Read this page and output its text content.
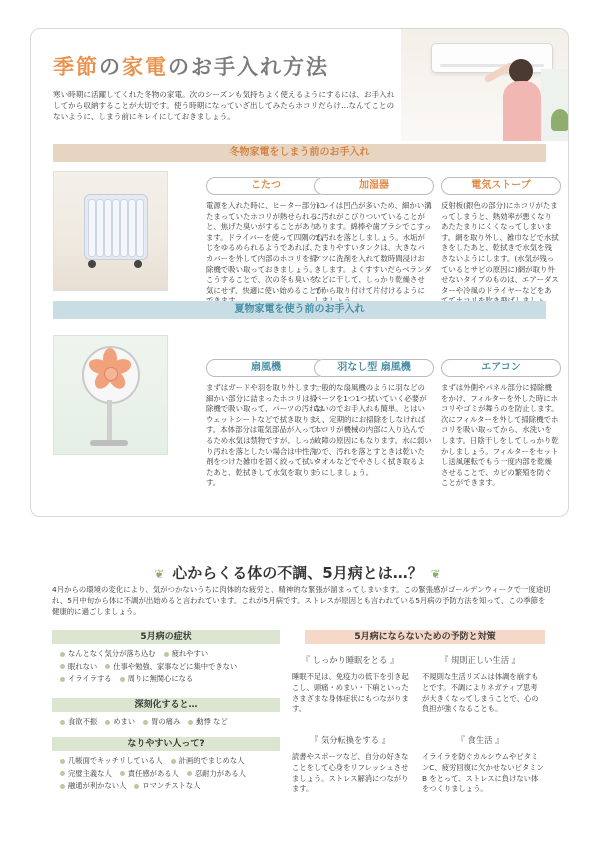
季節の家電のお手入れ方法
寒い時期に活躍してくれた冬物の家電。次のシーズンも気持ちよく使えるようにするには、お手入れしてから収納することが大切です。使う時期になっていざ出してみたらホコリだらけ…なんてことのないように、しまう前にキレイにしておきましょう。
冬物家電をしまう前のお手入れ
こたつ
電源を入れた時に、ヒーター部分にたまっていたホコリが熱せられると、焦げた臭いがすることがあります。ドライバーを使って四隅のねじをゆるめられるようであれば、カバーを外して内部のホコリを掃除機で吸い取っておきましょう。こうすることで、次の冬も臭いを気にせず、快適に使い始めることが
加湿器
トレイは凹凸が多いため、細かい溝に汚れがこびりついていることがあります。綿棒や歯ブラシでこすって汚れを落としましょう。水垢がたまりやすいタンクは、大きなバケツに洗剤を入れて数時間浸けおきします。よくすすいだらベランダなどに干して、しっかり乾燥させてから取り付けて片付けるように
電気ストーブ
反射板(銀色の部分)にホコリがたまってしまうと、熱効率が悪くなりあたたまりにくくなってしまいます。網を取り外し、雑巾などで水拭きをしたあと、乾拭きで水気を残さないようにします。(水気が残っているとサビの原因に)網が取り外せないタイプのものは、エアーダスターや冷風のドライヤーなどをあ
夏物家電を使う前のお手入れ
扇風機
まずはガードや羽を取り外します。細かい部分に詰まったホコリは掃除機で吸い取って、パーツの汚れはウェットシートなどで拭き取ります。本体部分は電気部品が入っているため水気は禁物ですが、しっかり汚れを落としたい場合は中性洗剤をつけた雑巾を固く絞って拭いたあと、乾拭きして水気を取ります。
羽なし型 扇風機
一般的な扇風機のように羽などのパーツを1つ1つ拭いていく必要がないのでお手入れも簡単。とはいえ、定期的にお掃除をしなければホコリが機械の内部に入り込んで故障の原因にもなります。水に弱いので、汚れを落とすときは乾いたタオルなどでやさしく拭き取るようにしましょう。
エアコン
まずは外側やパネル部分に掃除機をかけ、フィルターを外した時にホコリやゴミが舞うのを防止します。次にフィルターを外して掃除機でホコリを吸い取ってから、水洗いをします。日陰干しをしてしっかり乾かしましょう。フィルターをセットし送風運転でもう一度内部を乾燥させることで、カビの繁殖を防ぐことができます。
❦ 心からくる体の不調、5月病とは…？ ❦
4月からの環境の変化により、気がつかないうちに肉体的な疲労と、精神的な緊張が溜まってしまいます。この緊張感がゴールデンウィークで一度途切れ、5月中旬から体に不調が出始めると言われています。これが5月病です。ストレスが原因とも言われている5月病の予防方法を知って、この季節を健康的に過ごしましょう。
5月病の症状
なんとなく気分が落ち込む 疲れやすい
眠れない 仕事や勉強、家事などに集中できない
イライラする 周りに無関心になる
深刻化すると…
食欲不振 めまい 胃の痛み 動悸 など
なりやすい人って?
几帳面でキッチリしている人 計画的でまじめな人
完璧主義な人 責任感がある人 忍耐力がある人
融通が利かない人 ロマンチストな人
5月病にならないための予防と対策
『 しっかり睡眠をとる 』
睡眠不足は、免疫力の低下を引き起こし、頭痛・めまい・下痢といったさまざまな身体症状にもつながります。
『 規則正しい生活 』
不規則な生活リズムは体調を崩すもとです。不調によりネガティブ思考が大きくなってしまうことで、心の負担が強くなることも。
『 気分転換をする 』
読書やスポーツなど、自分の好きなことをして心身をリフレッシュさせましょう。ストレス解消につながります。
『 食生活 』
イライラを防ぐカルシウムやビタミンC、疲労回復に欠かせないビタミンB をとって、ストレスに負けない体をつくりましょう。
